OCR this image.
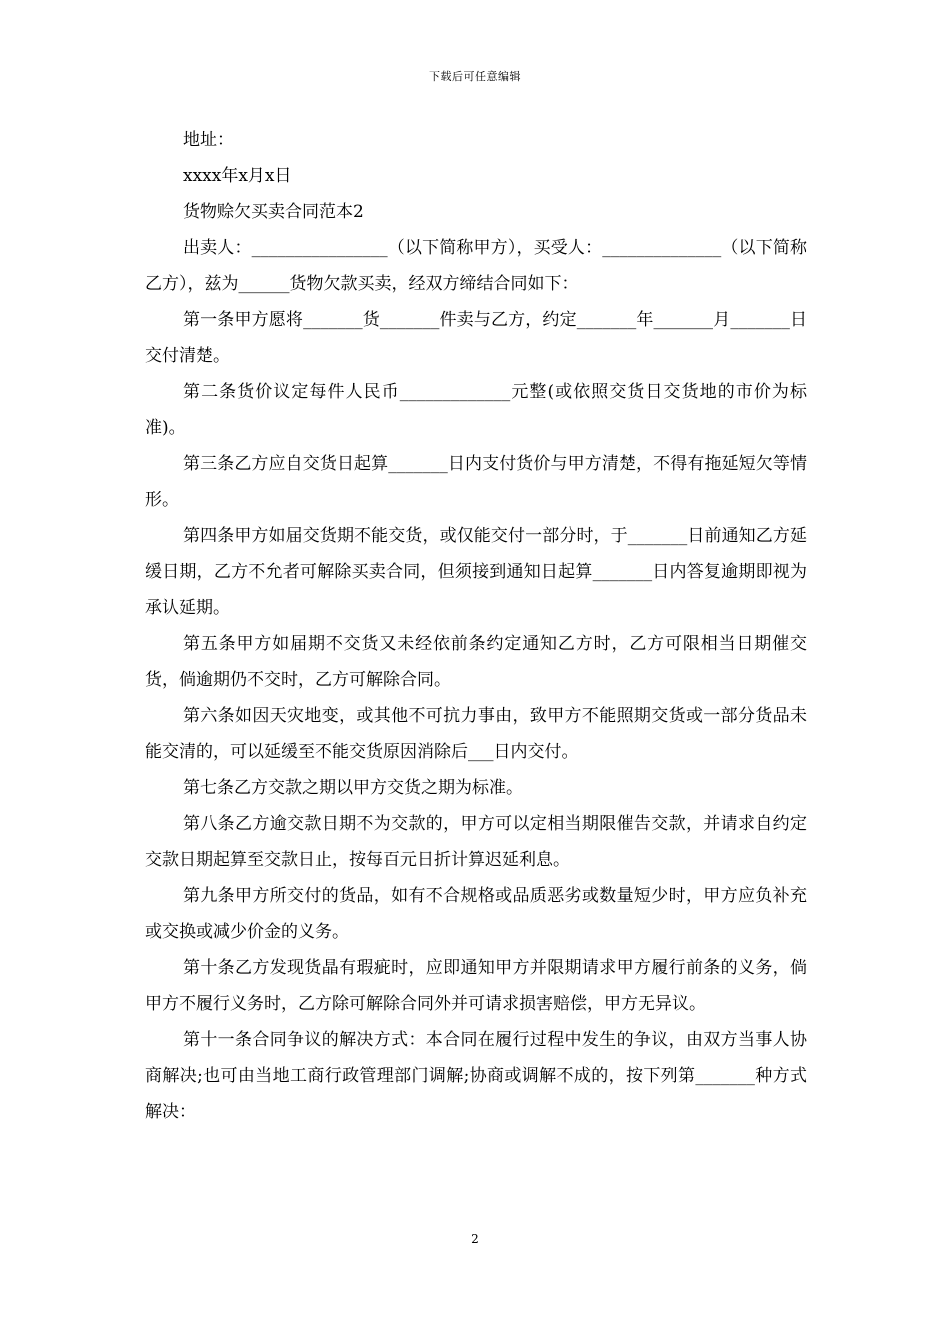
下载后可任意编辑

地址：

xxxx年x月x日

货物赊欠买卖合同范本2

出卖人：________________（以下简称甲方），买受人：______________（以下简称乙方），兹为______货物欠款买卖，经双方缔结合同如下：

第一条甲方愿将_______货_______件卖与乙方，约定_______年_______月_______日交付清楚。

第二条货价议定每件人民币_____________元整(或依照交货日交货地的市价为标准)。

第三条乙方应自交货日起算_______日内支付货价与甲方清楚，不得有拖延短欠等情形。

第四条甲方如届交货期不能交货，或仅能交付一部分时，于_______日前通知乙方延缓日期，乙方不允者可解除买卖合同，但须接到通知日起算_______日内答复逾期即视为承认延期。

第五条甲方如届期不交货又未经依前条约定通知乙方时，乙方可限相当日期催交货，倘逾期仍不交时，乙方可解除合同。

第六条如因天灾地变，或其他不可抗力事由，致甲方不能照期交货或一部分货品未能交清的，可以延缓至不能交货原因消除后___日内交付。

第七条乙方交款之期以甲方交货之期为标准。

第八条乙方逾交款日期不为交款的，甲方可以定相当期限催告交款，并请求自约定交款日期起算至交款日止，按每百元日折计算迟延利息。

第九条甲方所交付的货品，如有不合规格或品质恶劣或数量短少时，甲方应负补充或交换或减少价金的义务。

第十条乙方发现货晶有瑕疵时，应即通知甲方并限期请求甲方履行前条的义务，倘甲方不履行义务时，乙方除可解除合同外并可请求损害赔偿，甲方无异议。

第十一条合同争议的解决方式：本合同在履行过程中发生的争议，由双方当事人协商解决;也可由当地工商行政管理部门调解;协商或调解不成的，按下列第_______种方式解决：

2
